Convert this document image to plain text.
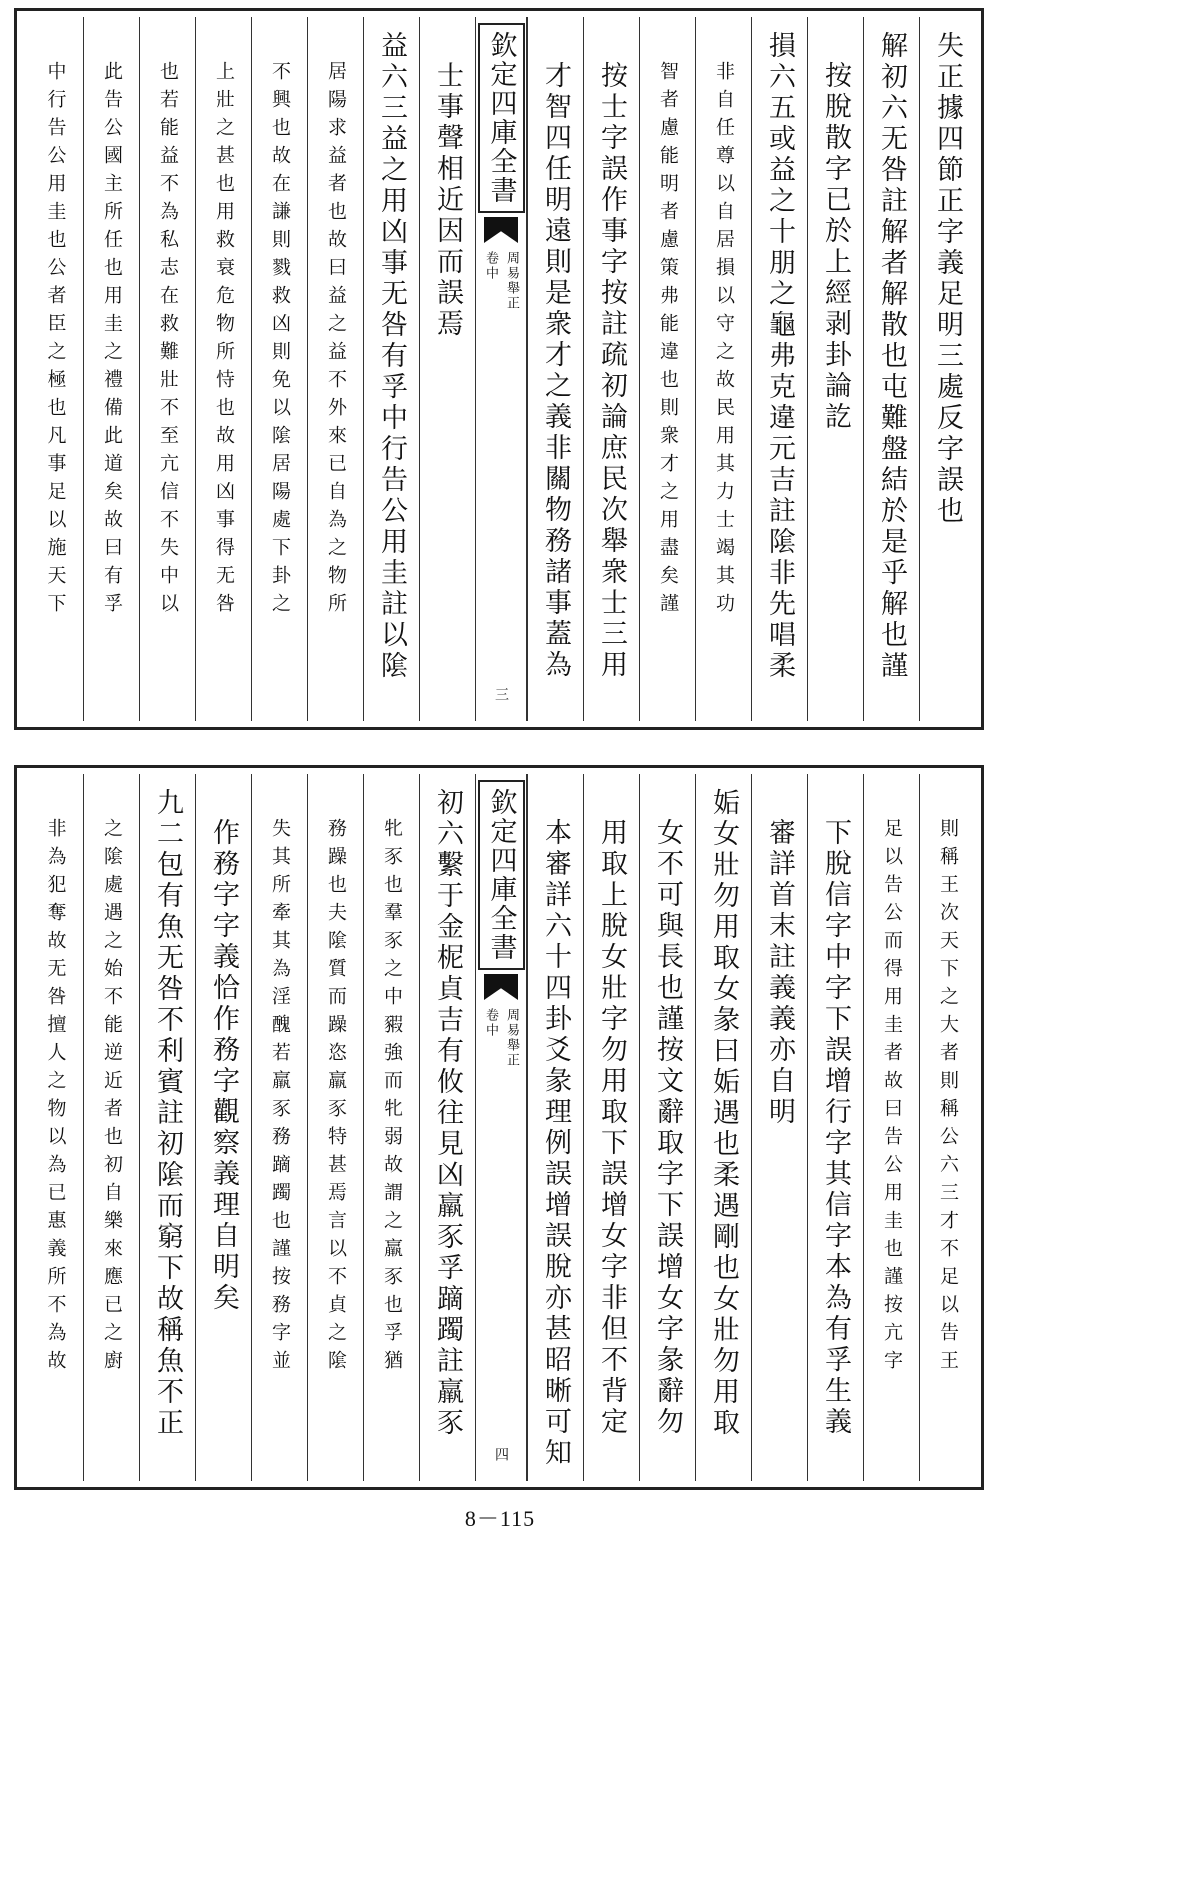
失正據四節正字義足明三處反字誤也
解初六无咎註解者解散也屯難盤結於是乎解也謹
按脫散字已於上經剥卦論訖
損六五或益之十朋之龜弗克違元吉註隂非先唱柔
非自任尊以自居損以守之故民用其力士竭其功
智者慮能明者慮策弗能違也則衆才之用盡矣謹
按士字誤作事字按註疏初論庶民次舉衆士三用
才智四任明遠則是衆才之義非關物務諸事蓋為
欽定四庫全書
周易舉正
卷中
三
士事聲相近因而誤焉
益六三益之用凶事无咎有孚中行告公用圭註以隂
居陽求益者也故曰益之益不外來已自為之物所
不興也故在謙則戮救凶則免以隂居陽處下卦之
上壯之甚也用救衰危物所恃也故用凶事得无咎
也若能益不為私志在救難壯不至亢信不失中以
此告公國主所任也用圭之禮備此道矣故曰有孚
中行告公用圭也公者臣之極也凡事足以施天下
則稱王次天下之大者則稱公六三才不足以告王
足以告公而得用圭者故曰告公用圭也謹按亢字
下脫信字中字下誤增行字其信字本為有孚生義
審詳首末註義義亦自明
姤女壯勿用取女彖曰姤遇也柔遇剛也女壯勿用取
女不可與長也謹按文辭取字下誤增女字彖辭勿
用取上脫女壯字勿用取下誤增女字非但不背定
本審詳六十四卦爻彖理例誤增誤脫亦甚昭晰可知
欽定四庫全書
周易舉正
卷中
四
初六繫于金柅貞吉有攸往見凶羸豕孚蹢躅註羸豕
牝豕也羣豕之中豭強而牝弱故謂之羸豕也孚猶
務躁也夫隂質而躁恣羸豕特甚焉言以不貞之隂
失其所牽其為淫醜若羸豕務蹢躅也謹按務字並
作務字字義恰作務字觀察義理自明矣
九二包有魚无咎不利賓註初隂而窮下故稱魚不正
之隂處遇之始不能逆近者也初自樂來應已之廚
非為犯奪故无咎擅人之物以為已惠義所不為故
8－115
